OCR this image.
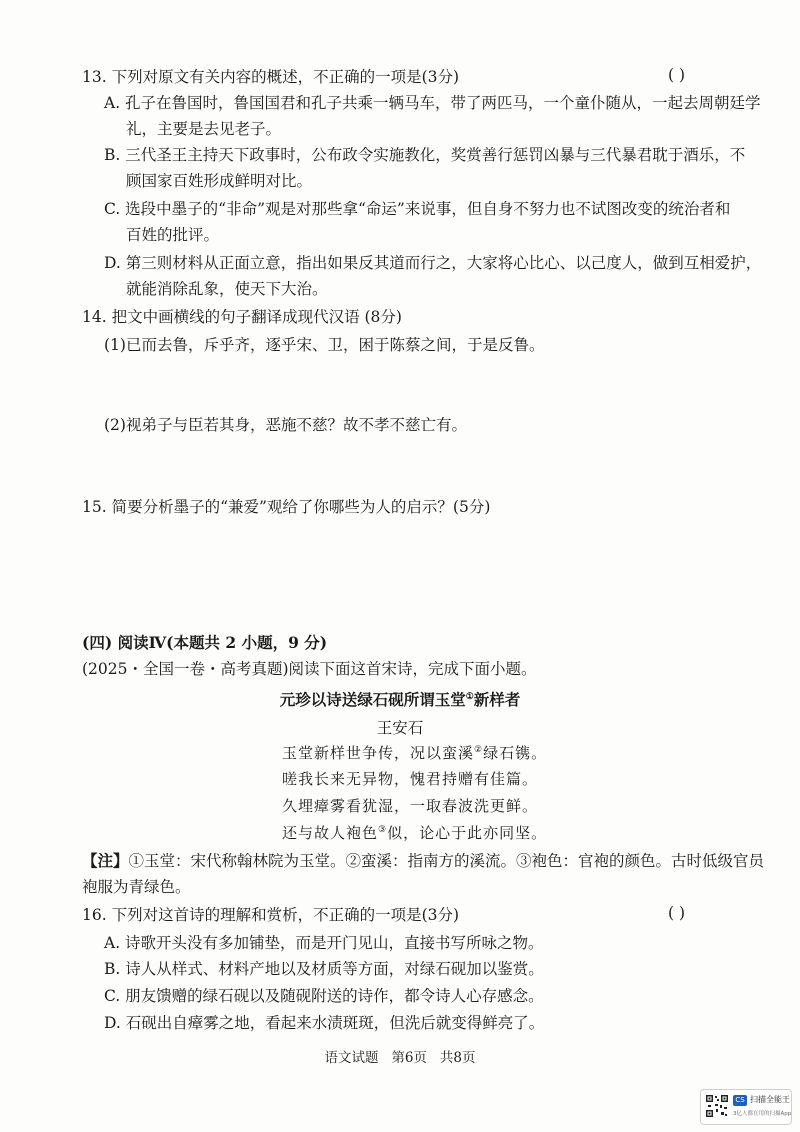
13. 下列对原文有关内容的概述，不正确的一项是(3分)	( )
A. 孔子在鲁国时，鲁国国君和孔子共乘一辆马车，带了两匹马，一个童仆随从，一起去周朝廷学
礼，主要是去见老子。
B. 三代圣王主持天下政事时，公布政令实施教化，奖赏善行惩罚凶暴与三代暴君耽于酒乐，不
顾国家百姓形成鲜明对比。
C. 选段中墨子的“非命”观是对那些拿“命运”来说事，但自身不努力也不试图改变的统治者和
百姓的批评。
D. 第三则材料从正面立意，指出如果反其道而行之，大家将心比心、以己度人，做到互相爱护，
就能消除乱象，使天下大治。
14. 把文中画横线的句子翻译成现代汉语 (8分)
(1)已而去鲁，斥乎齐，逐乎宋、卫，困于陈蔡之间，于是反鲁。
(2)视弟子与臣若其身，恶施不慈？故不孝不慈亡有。
15. 简要分析墨子的“兼爱”观给了你哪些为人的启示？(5分)
(四) 阅读Ⅳ(本题共 2 小题，9 分)
(2025・全国一卷・高考真题)阅读下面这首宋诗，完成下面小题。
元珍以诗送绿石砚所谓玉堂①新样者
王安石
玉堂新样世争传，况以蛮溪②绿石镌。
嗟我长来无异物，愧君持赠有佳篇。
久埋瘴雾看犹湿，一取春波洗更鲜。
还与故人袍色③似，论心于此亦同坚。
【注】①玉堂：宋代称翰林院为玉堂。②蛮溪：指南方的溪流。③袍色：官袍的颜色。古时低级官员
袍服为青绿色。
16. 下列对这首诗的理解和赏析，不正确的一项是(3分)	( )
A. 诗歌开头没有多加铺垫，而是开门见山，直接书写所咏之物。
B. 诗人从样式、材料产地以及材质等方面，对绿石砚加以鉴赏。
C. 朋友馈赠的绿石砚以及随砚附送的诗作，都令诗人心存感念。
D. 石砚出自瘴雾之地，看起来水渍斑斑，但洗后就变得鲜亮了。
语文试题 第6页 共8页
CS 扫描全能王
3亿人都在用的扫描App
